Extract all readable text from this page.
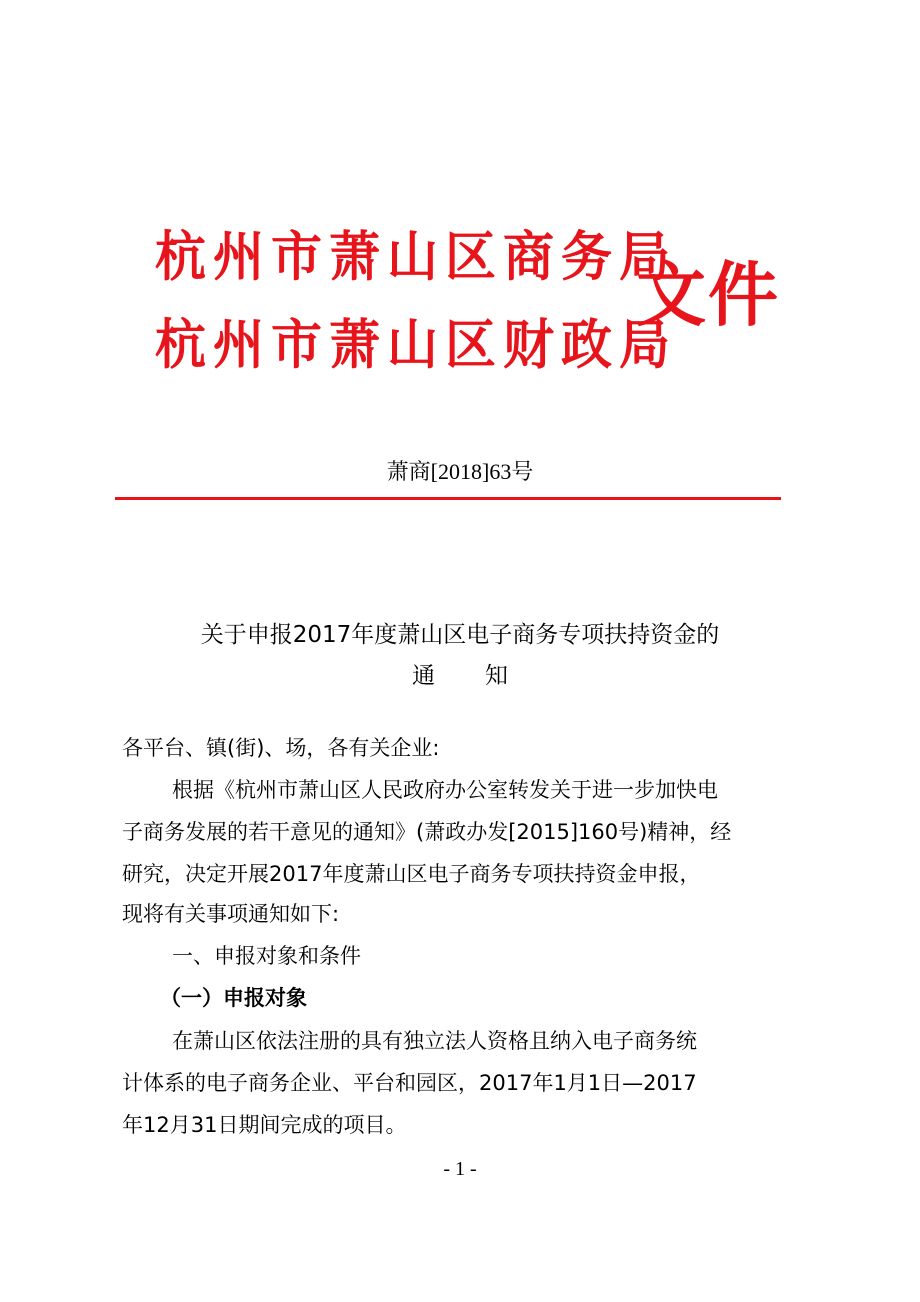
杭州市萧山区商务局
杭州市萧山区财政局
文件
萧商[2018]63号
关于申报2017年度萧山区电子商务专项扶持资金的
通知
各平台、镇(街)、场，各有关企业:
根据《杭州市萧山区人民政府办公室转发关于进一步加快电
子商务发展的若干意见的通知》(萧政办发[2015]160号)精神，经
研究，决定开展2017年度萧山区电子商务专项扶持资金申报，
现将有关事项通知如下:
一、申报对象和条件
（一）申报对象
在萧山区依法注册的具有独立法人资格且纳入电子商务统
计体系的电子商务企业、平台和园区，2017年1月1日—2017
年12月31日期间完成的项目。
- 1 -
